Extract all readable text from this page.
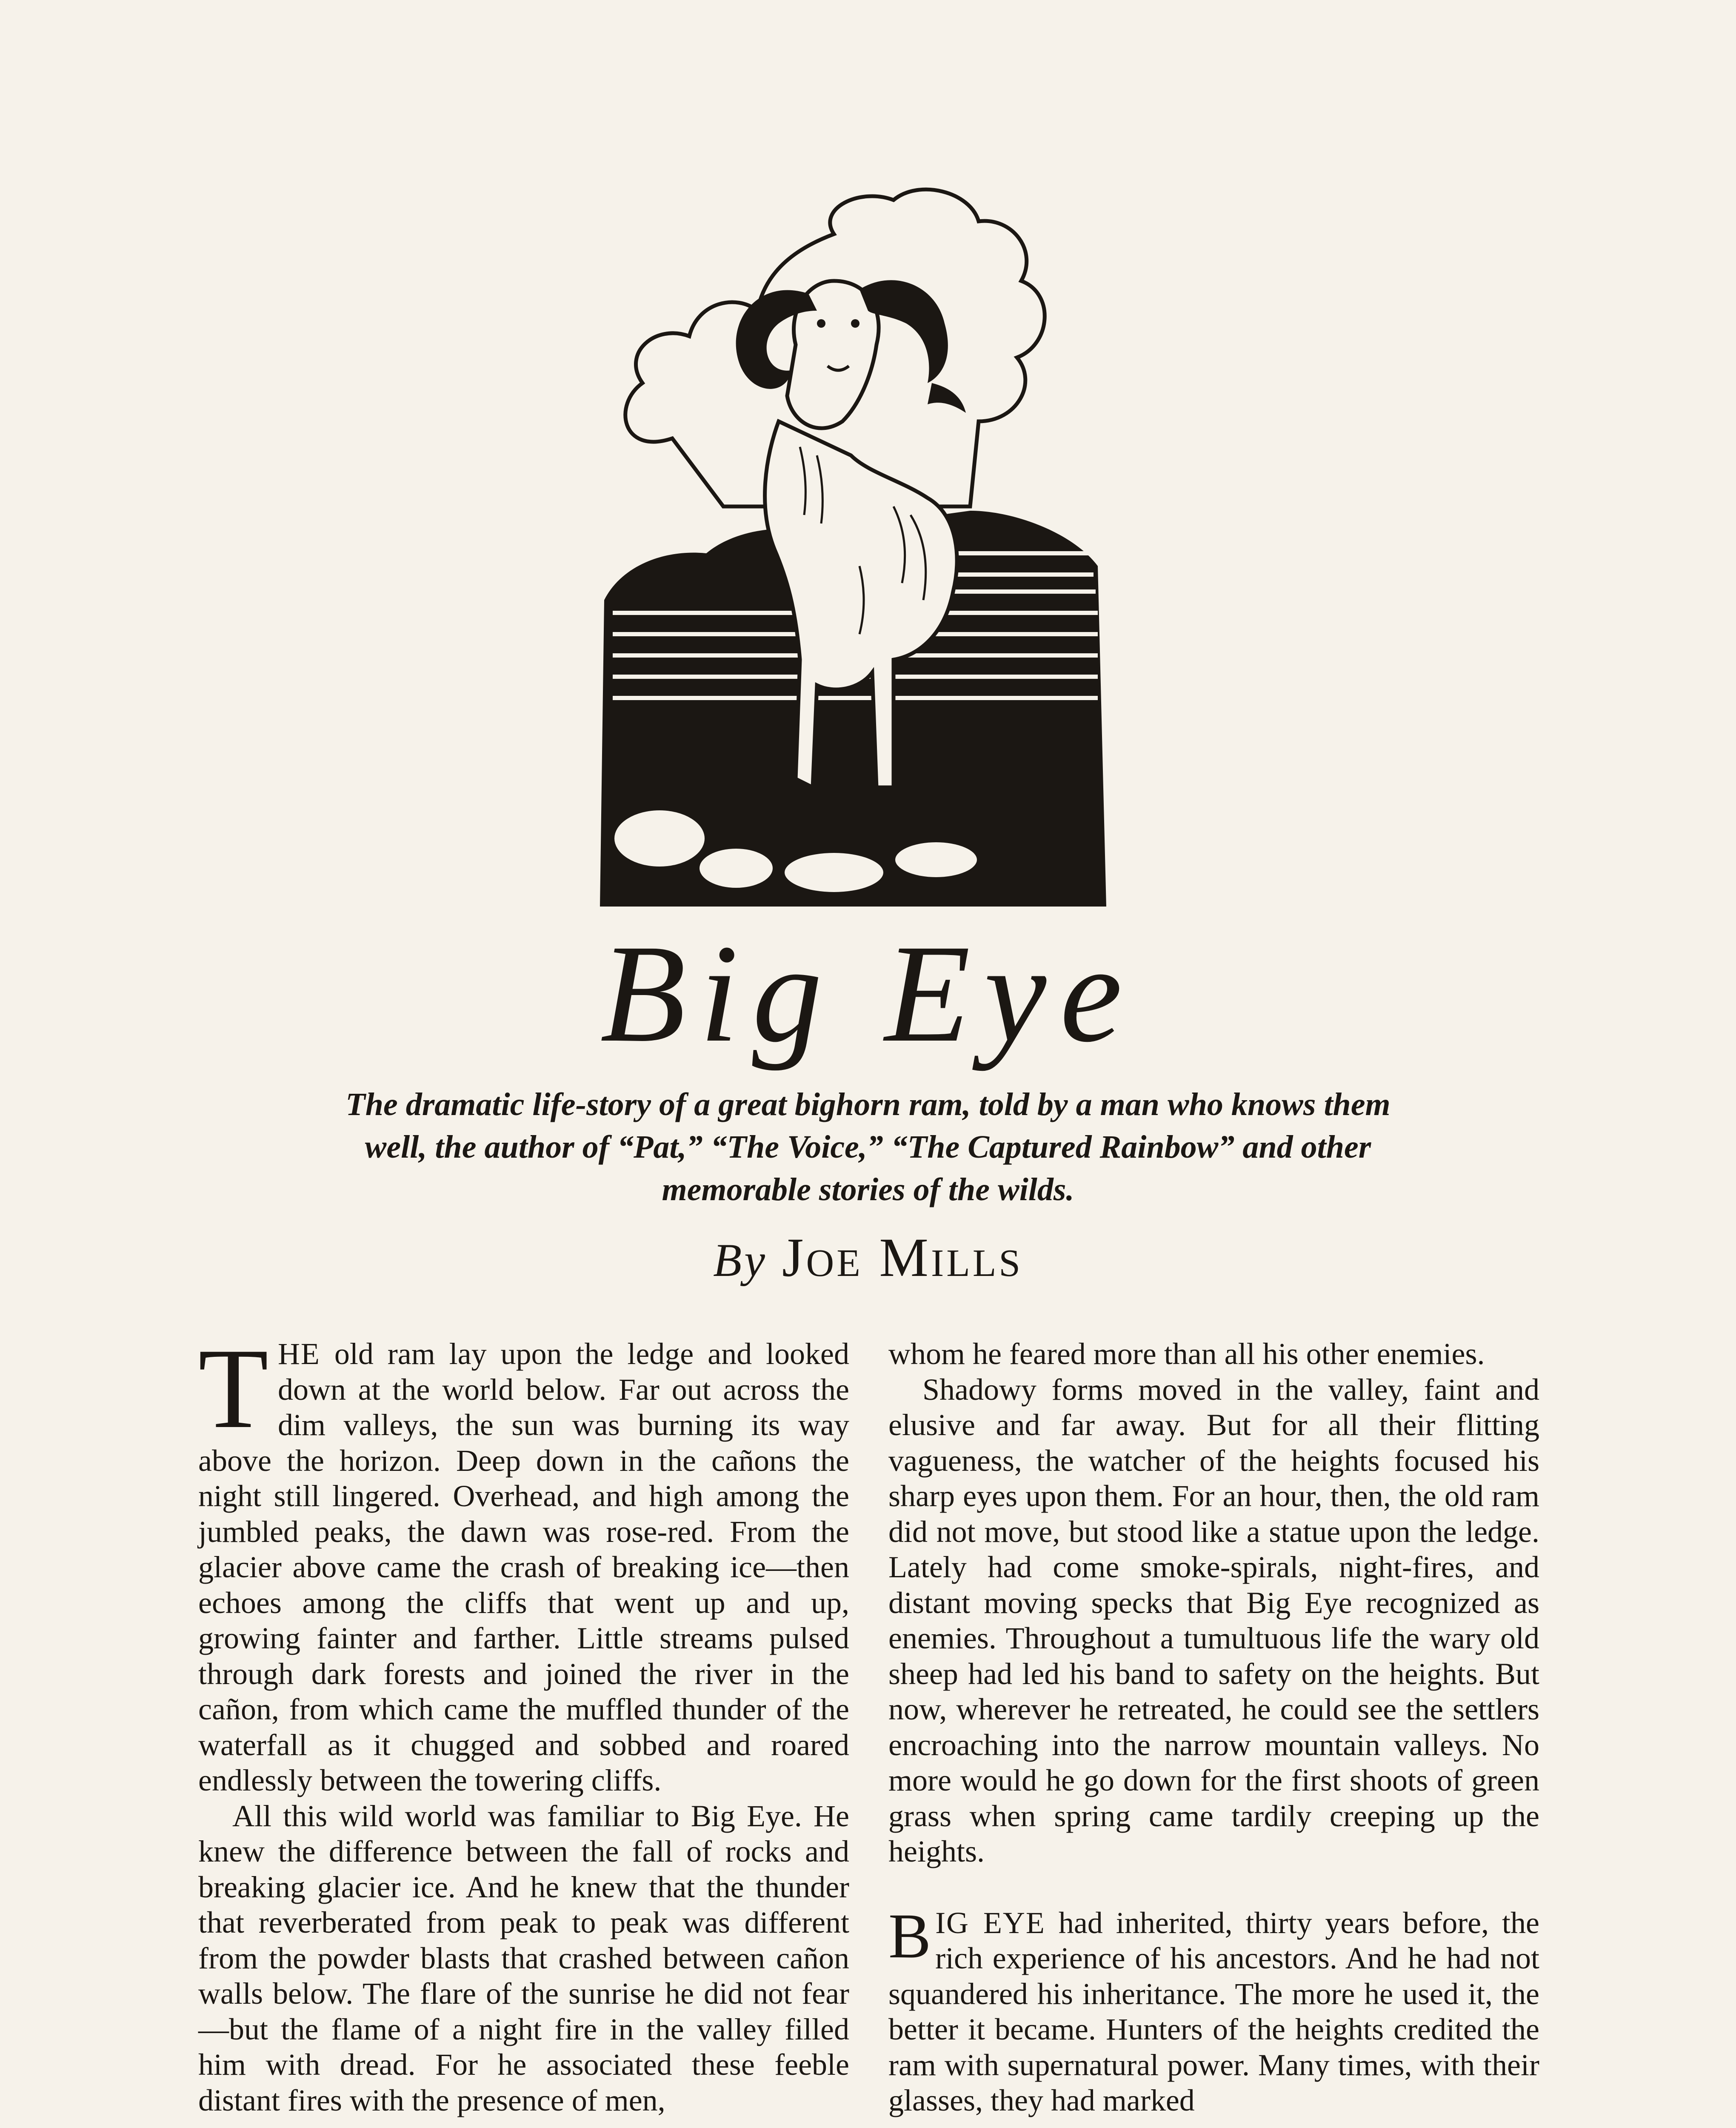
Big Eye
The dramatic life-story of a great bighorn ram, told by a man who knows them well, the author of “Pat,” “The Voice,” “The Captured Rainbow” and other memorable stories of the wilds.
By Joe Mills

THE old ram lay upon the ledge and looked down at the world below. Far out across the dim valleys, the sun was burning its way above the horizon. Deep down in the cañons the night still lingered. Overhead, and high among the jumbled peaks, the dawn was rose-red. From the glacier above came the crash of breaking ice—then echoes among the cliffs that went up and up, growing fainter and farther. Little streams pulsed through dark forests and joined the river in the cañon, from which came the muffled thunder of the waterfall as it chugged and sobbed and roared endlessly between the towering cliffs.

All this wild world was familiar to Big Eye. He knew the difference between the fall of rocks and breaking glacier ice. And he knew that the thunder that reverberated from peak to peak was different from the powder blasts that crashed between cañon walls below. The flare of the sunrise he did not fear—but the flame of a night fire in the valley filled him with dread. For he associated these feeble distant fires with the presence of men,

whom he feared more than all his other enemies.

Shadowy forms moved in the valley, faint and elusive and far away. But for all their flitting vagueness, the watcher of the heights focused his sharp eyes upon them. For an hour, then, the old ram did not move, but stood like a statue upon the ledge. Lately had come smoke-spirals, night-fires, and distant moving specks that Big Eye recognized as enemies. Throughout a tumultuous life the wary old sheep had led his band to safety on the heights. But now, wherever he retreated, he could see the settlers encroaching into the narrow mountain valleys. No more would he go down for the first shoots of green grass when spring came tardily creeping up the heights.

BIG EYE had inherited, thirty years before, the rich experience of his ancestors. And he had not squandered his inheritance. The more he used it, the better it became. Hunters of the heights credited the ram with supernatural power. Many times, with their glasses, they had marked
